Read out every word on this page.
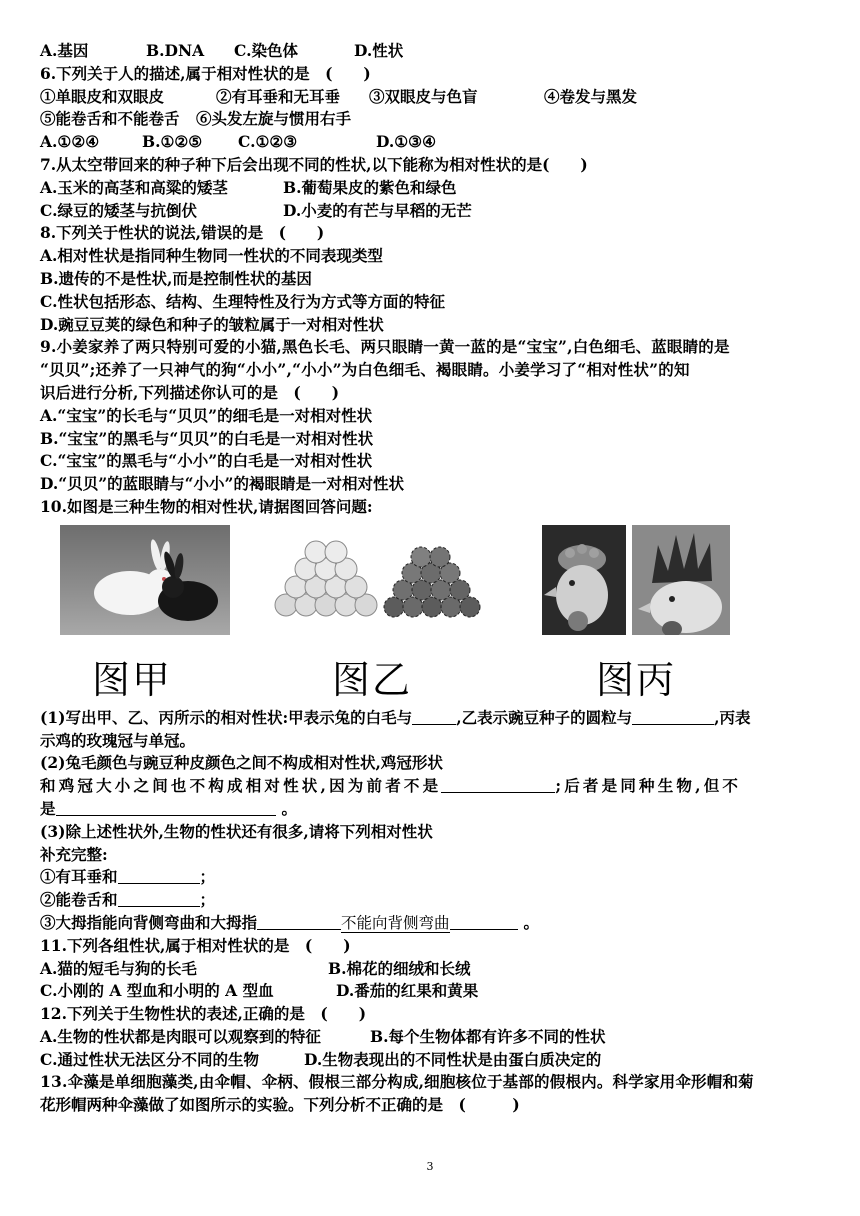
A.基因	B.DNA C.染色体	D.性状
6.下列关于人的描述,属于相对性状的是　(　　)
①单眼皮和双眼皮	②有耳垂和无耳垂 ③双眼皮与色盲	④卷发与黑发
⑤能卷舌和不能卷舌 ⑥头发左旋与惯用右手
A.①②④	B.①②⑤ C.①②③	D.①③④
7.从太空带回来的种子种下后会出现不同的性状,以下能称为相对性状的是(　　)
A.玉米的高茎和高粱的矮茎	B.葡萄果皮的紫色和绿色
C.绿豆的矮茎与抗倒伏	D.小麦的有芒与早稻的无芒
8.下列关于性状的说法,错误的是　(　　)
A.相对性状是指同种生物同一性状的不同表现类型
B.遗传的不是性状,而是控制性状的基因
C.性状包括形态、结构、生理特性及行为方式等方面的特征
D.豌豆豆荚的绿色和种子的皱粒属于一对相对性状
9.小姜家养了两只特别可爱的小猫,黑色长毛、两只眼睛一黄一蓝的是“宝宝”,白色细毛、蓝眼睛的是
“贝贝”;还养了一只神气的狗“小小”,“小小”为白色细毛、褐眼睛。小姜学习了“相对性状”的知
识后进行分析,下列描述你认可的是　(　　)
A.“宝宝”的长毛与“贝贝”的细毛是一对相对性状
B.“宝宝”的黑毛与“贝贝”的白毛是一对相对性状
C.“宝宝”的黑毛与“小小”的白毛是一对相对性状
D.“贝贝”的蓝眼睛与“小小”的褐眼睛是一对相对性状
10.如图是三种生物的相对性状,请据图回答问题:
图甲	图乙	图丙
(1)写出甲、乙、丙所示的相对性状:甲表示兔的白毛与	,乙表示豌豆种子的圆粒与	,丙表
示鸡的玫瑰冠与单冠。
(2)兔毛颜色与豌豆种皮颜色之间不构成相对性状,鸡冠形状
和鸡冠大小之间也不构成相对性状,因为前者不是	;后者是同种生物,但不
是	。
(3)除上述性状外,生物的性状还有很多,请将下列相对性状
补充完整:
①有耳垂和	；
②能卷舌和	；
③大拇指能向背侧弯曲和大拇指	不能向背侧弯曲	。
11.下列各组性状,属于相对性状的是　(　　)
A.猫的短毛与狗的长毛	B.棉花的细绒和长绒
C.小刚的 A 型血和小明的 A 型血	D.番茄的红果和黄果
12.下列关于生物性状的表述,正确的是　(　　)
A.生物的性状都是肉眼可以观察到的特征	B.每个生物体都有许多不同的性状
C.通过性状无法区分不同的生物	D.生物表现出的不同性状是由蛋白质决定的
13.伞藻是单细胞藻类,由伞帽、伞柄、假根三部分构成,细胞核位于基部的假根内。科学家用伞形帽和菊
花形帽两种伞藻做了如图所示的实验。下列分析不正确的是　(　　　)
3
